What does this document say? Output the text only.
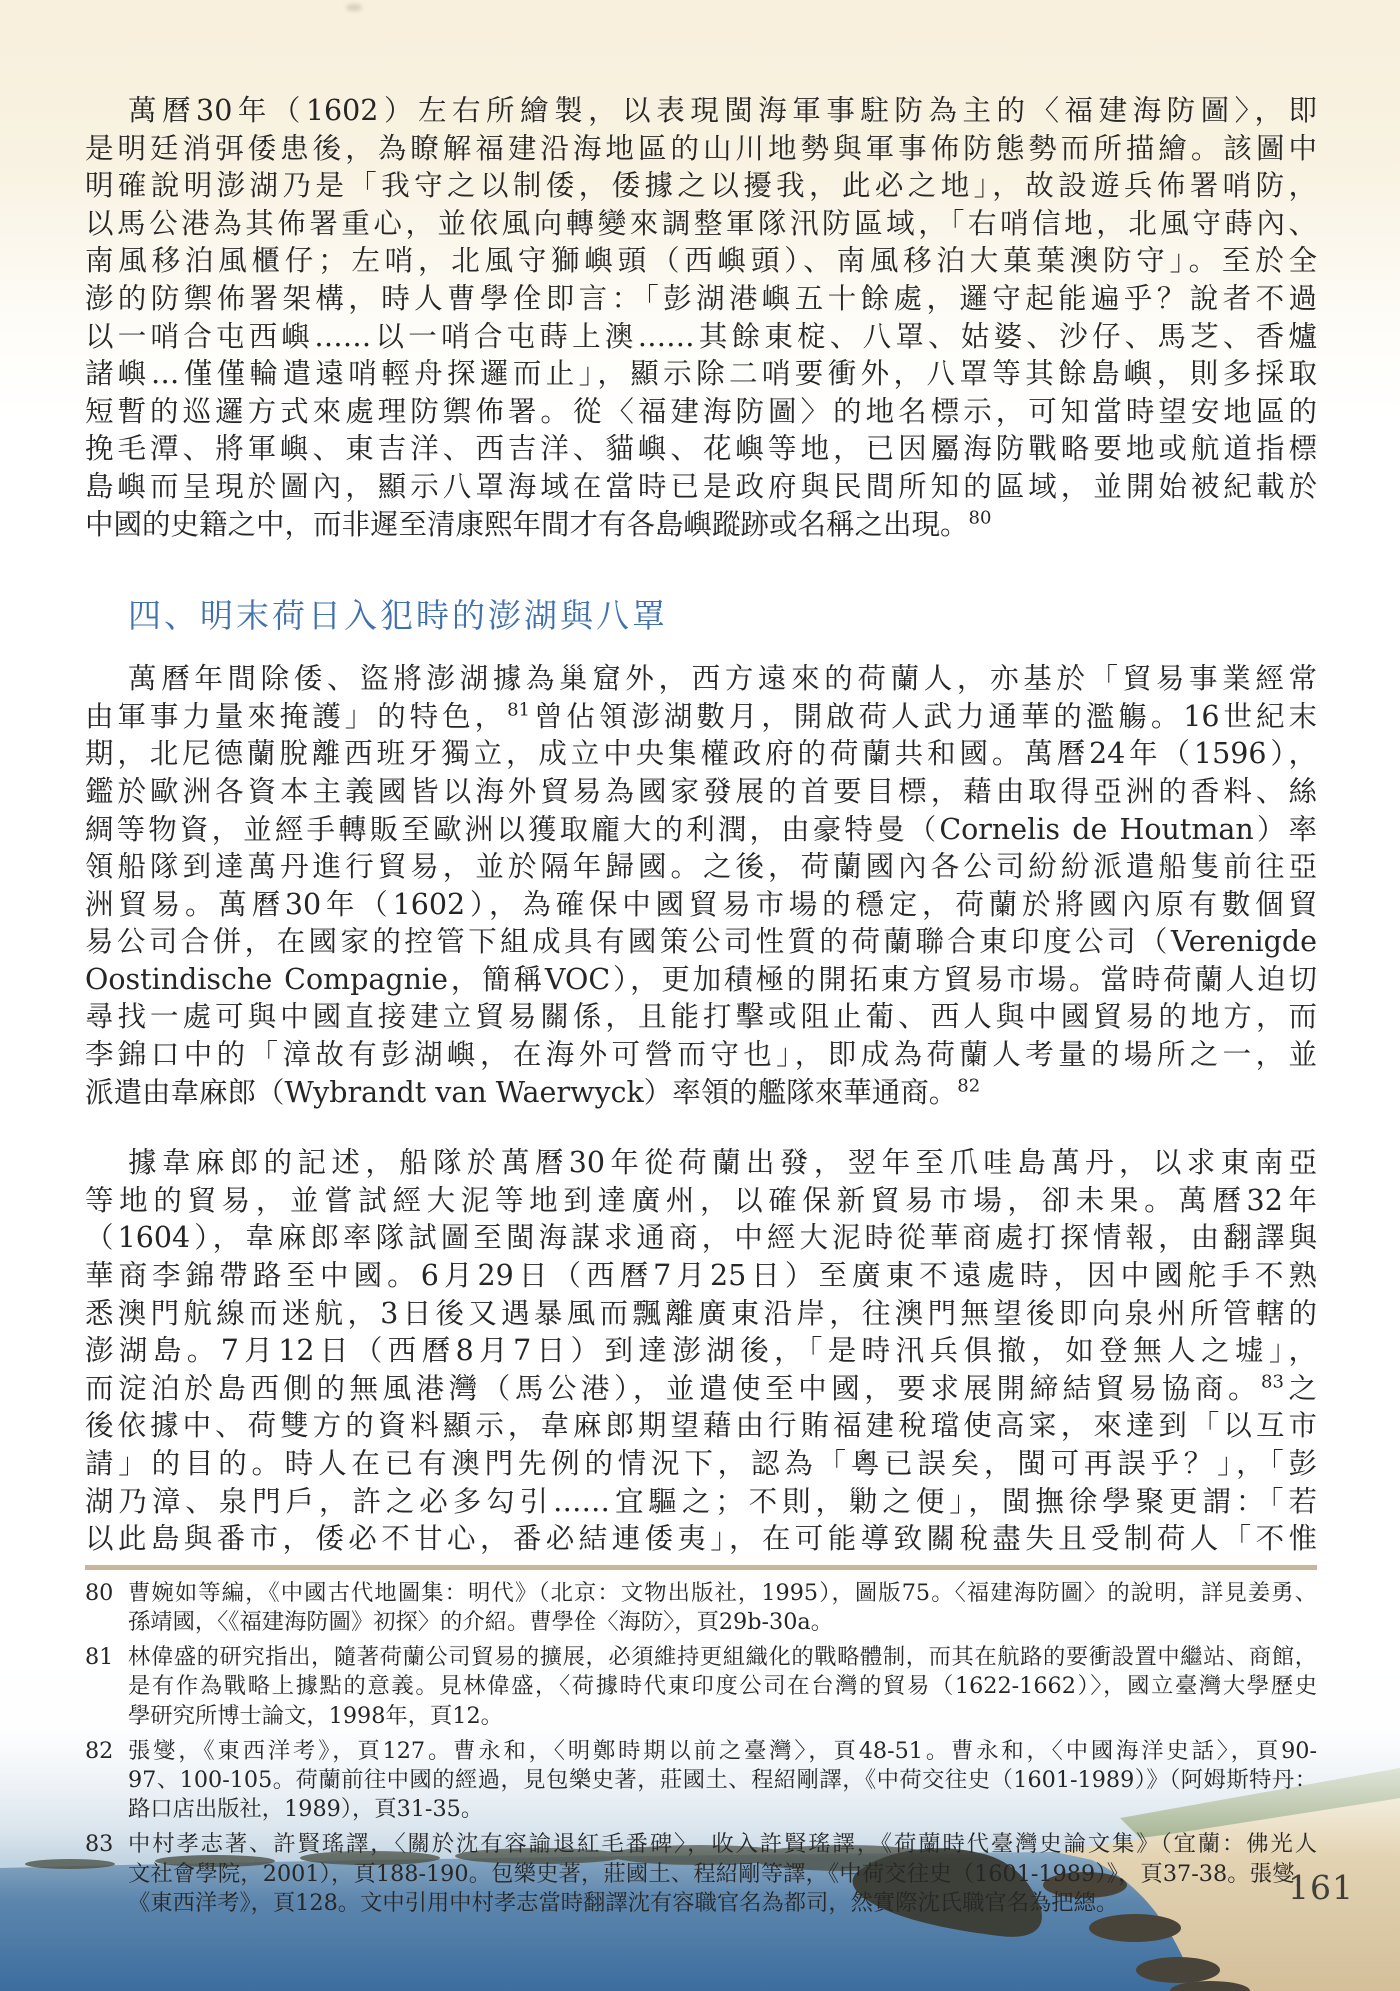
萬曆30年（1602）左右所繪製，以表現閩海軍事駐防為主的〈福建海防圖〉，即
是明廷消弭倭患後，為瞭解福建沿海地區的山川地勢與軍事佈防態勢而所描繪。該圖中
明確說明澎湖乃是「我守之以制倭，倭據之以擾我，此必之地」，故設遊兵佈署哨防，
以馬公港為其佈署重心，並依風向轉變來調整軍隊汛防區域，「右哨信地，北風守蒔內、
南風移泊風櫃仔；左哨，北風守獅嶼頭（西嶼頭）、南風移泊大菓葉澳防守」。至於全
澎的防禦佈署架構，時人曹學佺即言：「彭湖港嶼五十餘處，邏守起能遍乎？說者不過
以一哨合屯西嶼……以一哨合屯蒔上澳……其餘東椗、八罩、姑婆、沙仔、馬芝、香爐
諸嶼…僅僅輪遣遠哨輕舟探邏而止」，顯示除二哨要衝外，八罩等其餘島嶼，則多採取
短暫的巡邏方式來處理防禦佈署。從〈福建海防圖〉的地名標示，可知當時望安地區的
挽毛潭、將軍嶼、東吉洋、西吉洋、貓嶼、花嶼等地，已因屬海防戰略要地或航道指標
島嶼而呈現於圖內，顯示八罩海域在當時已是政府與民間所知的區域，並開始被紀載於
中國的史籍之中，而非遲至清康熙年間才有各島嶼蹤跡或名稱之出現。$^{80}$
四、明末荷日入犯時的澎湖與八罩
萬曆年間除倭、盜將澎湖據為巢窟外，西方遠來的荷蘭人，亦基於「貿易事業經常
由軍事力量來掩護」的特色，$^{81}$曾佔領澎湖數月，開啟荷人武力通華的濫觴。16世紀末
期，北尼德蘭脫離西班牙獨立，成立中央集權政府的荷蘭共和國。萬曆24年（1596），
鑑於歐洲各資本主義國皆以海外貿易為國家發展的首要目標，藉由取得亞洲的香料、絲
綢等物資，並經手轉販至歐洲以獲取龐大的利潤，由豪特曼（Cornelis de Houtman）率
領船隊到達萬丹進行貿易，並於隔年歸國。之後，荷蘭國內各公司紛紛派遣船隻前往亞
洲貿易。萬曆30年（1602），為確保中國貿易市場的穩定，荷蘭於將國內原有數個貿
易公司合併，在國家的控管下組成具有國策公司性質的荷蘭聯合東印度公司（Verenigde
Oostindische Compagnie，簡稱VOC），更加積極的開拓東方貿易市場。當時荷蘭人迫切
尋找一處可與中國直接建立貿易關係，且能打擊或阻止葡、西人與中國貿易的地方，而
李錦口中的「漳故有彭湖嶼，在海外可營而守也」，即成為荷蘭人考量的場所之一，並
派遣由韋麻郎（Wybrandt van Waerwyck）率領的艦隊來華通商。$^{82}$
據韋麻郎的記述，船隊於萬曆30年從荷蘭出發，翌年至爪哇島萬丹，以求東南亞
等地的貿易，並嘗試經大泥等地到達廣州，以確保新貿易市場，卻未果。萬曆32年
（1604），韋麻郎率隊試圖至閩海謀求通商，中經大泥時從華商處打探情報，由翻譯與
華商李錦帶路至中國。6月29日（西曆7月25日）至廣東不遠處時，因中國舵手不熟
悉澳門航線而迷航，3日後又遇暴風而飄離廣東沿岸，往澳門無望後即向泉州所管轄的
澎湖島。7月12日（西曆8月7日）到達澎湖後，「是時汛兵俱撤，如登無人之墟」，
而淀泊於島西側的無風港灣（馬公港），並遣使至中國，要求展開締結貿易協商。$^{83}$之
後依據中、荷雙方的資料顯示，韋麻郎期望藉由行賄福建稅璫使高寀，來達到「以互市
請」的目的。時人在已有澳門先例的情況下，認為「粵已誤矣，閩可再誤乎？」，「彭
湖乃漳、泉門戶，許之必多勾引……宜驅之；不則，勦之便」，閩撫徐學聚更謂：「若
以此島與番市，倭必不甘心，番必結連倭夷」，在可能導致關稅盡失且受制荷人「不惟
80 曹婉如等編，《中國古代地圖集：明代》（北京：文物出版社，1995），圖版75。〈福建海防圖〉的說明，詳見姜勇、
孫靖國，〈《福建海防圖》初探〉的介紹。曹學佺〈海防〉，頁29b-30a。
81 林偉盛的研究指出，隨著荷蘭公司貿易的擴展，必須維持更組織化的戰略體制，而其在航路的要衝設置中繼站、商館，
是有作為戰略上據點的意義。見林偉盛，〈荷據時代東印度公司在台灣的貿易（1622-1662）〉，國立臺灣大學歷史
學研究所博士論文，1998年，頁12。
82 張燮，《東西洋考》，頁127。曹永和，〈明鄭時期以前之臺灣〉，頁48-51。曹永和，〈中國海洋史話〉，頁90-
97、100-105。荷蘭前往中國的經過，見包樂史著，莊國土、程紹剛譯，《中荷交往史（1601-1989）》（阿姆斯特丹：
路口店出版社，1989），頁31-35。
83 中村孝志著、許賢瑤譯，〈關於沈有容諭退紅毛番碑〉，收入許賢瑤譯，《荷蘭時代臺灣史論文集》（宜蘭：佛光人
文社會學院，2001），頁188-190。包樂史著，莊國土、程紹剛等譯，《中荷交往史（1601-1989）》，頁37-38。張燮，
《東西洋考》，頁128。文中引用中村孝志當時翻譯沈有容職官名為都司，然實際沈氏職官名為把總。	161
